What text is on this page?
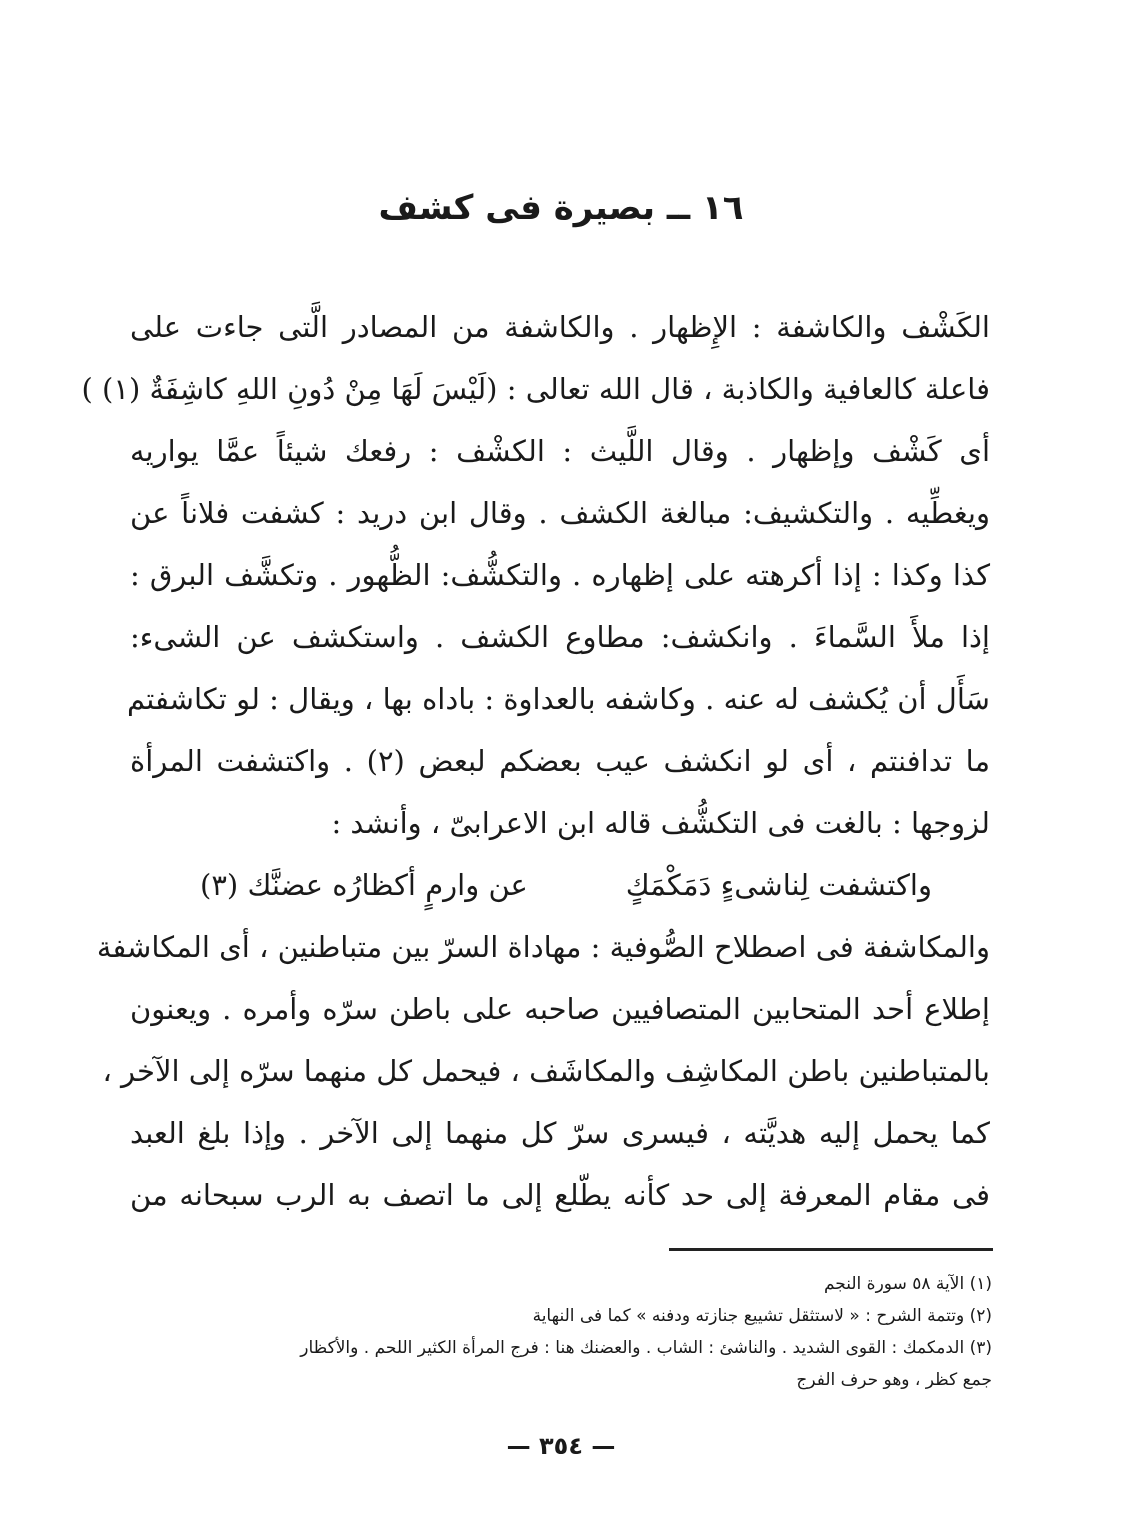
١٦ ــ بصيرة فى كشف
الكَشْف والكاشفة : الإِظهار . والكاشفة من المصادر الَّتى جاءت على
فاعلة كالعافية والكاذبة ، قال الله تعالى : (لَيْسَ لَهَا مِنْ دُونِ اللهِ كاشِفَةٌ (١) )
أى كَشْف وإظهار . وقال اللَّيث : الكشْف : رفعك شيئاً عمَّا يواريه
ويغطِّيه . والتكشيف: مبالغة الكشف . وقال ابن دريد : كشفت فلاناً عن
كذا وكذا : إذا أكرهته على إظهاره . والتكشُّف: الظُّهور . وتكشَّف البرق :
إذا ملأَ السَّماءَ . وانكشف: مطاوع الكشف . واستكشف عن الشىء:
سَأَل أن يُكشف له عنه . وكاشفه بالعداوة : باداه بها ، ويقال : لو تكاشفتم
ما تدافنتم ، أى لو انكشف عيب بعضكم لبعض (٢) . واكتشفت المرأة
لزوجها : بالغت فى التكشُّف قاله ابن الاعرابىّ ، وأنشد :
واكتشفت لِناشىءٍ دَمَكْمَكٍ
عن وارمٍ أكظارُه عضنَّك (٣)
والمكاشفة فى اصطلاح الصُّوفية : مهاداة السرّ بين متباطنين ، أى المكاشفة
إطلاع أحد المتحابين المتصافيين صاحبه على باطن سرّه وأمره . ويعنون
بالمتباطنين باطن المكاشِف والمكاشَف ، فيحمل كل منهما سرّه إلى الآخر ،
كما يحمل إليه هديَّته ، فيسرى سرّ كل منهما إلى الآخر . وإذا بلغ العبد
فى مقام المعرفة إلى حد كأنه يطّلع إلى ما اتصف به الرب سبحانه من
(١) الآية ٥٨ سورة النجم
(٢) وتتمة الشرح : « لاستثقل تشييع جنازته ودفنه » كما فى النهاية
(٣) الدمكمك : القوى الشديد . والناشئ : الشاب . والعضنك هنا : فرج المرأة الكثير اللحم . والأكظار
جمع كظر ، وهو حرف الفرج
— ٣٥٤ —
